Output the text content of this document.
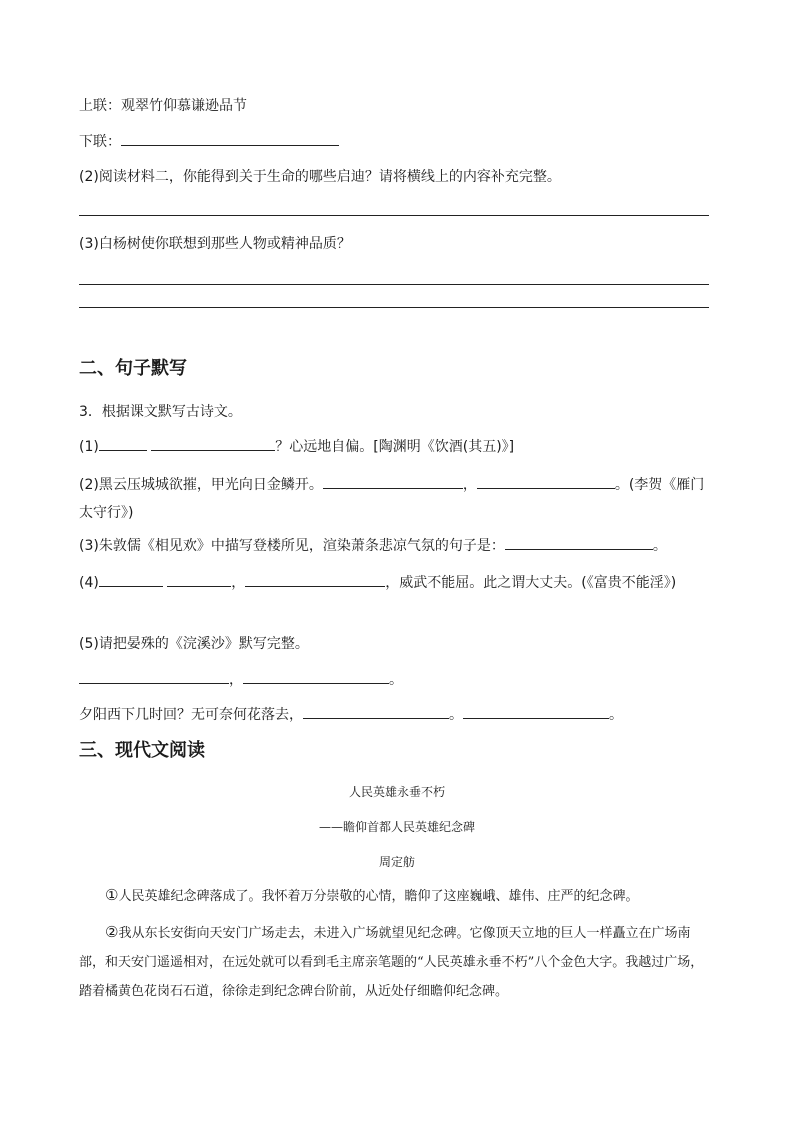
上联：观翠竹仰慕谦逊品节
下联：
(2)阅读材料二，你能得到关于生命的哪些启迪？请将横线上的内容补充完整。
(3)白杨树使你联想到那些人物或精神品质？
二、句子默写
3．根据课文默写古诗文。
(1)	？心远地自偏。[陶渊明《饮酒(其五)》]
(2)黑云压城城欲摧，甲光向日金鳞开。	，	。(李贺《雁门太守行》)
(3)朱敦儒《相见欢》中描写登楼所见，渲染萧条悲凉气氛的句子是：	。
(4)	，	，威武不能屈。此之谓大丈夫。(《富贵不能淫》)
(5)请把晏殊的《浣溪沙》默写完整。
，	。
夕阳西下几时回？无可奈何花落去，	。	。
三、现代文阅读
人民英雄永垂不朽
——瞻仰首都人民英雄纪念碑
周定舫
①人民英雄纪念碑落成了。我怀着万分崇敬的心情，瞻仰了这座巍峨、雄伟、庄严的纪念碑。
②我从东长安街向天安门广场走去，未进入广场就望见纪念碑。它像顶天立地的巨人一样矗立在广场南部，和天安门遥遥相对，在远处就可以看到毛主席亲笔题的“人民英雄永垂不朽”八个金色大字。我越过广场，踏着橘黄色花岗石石道，徐徐走到纪念碑台阶前，从近处仔细瞻仰纪念碑。
